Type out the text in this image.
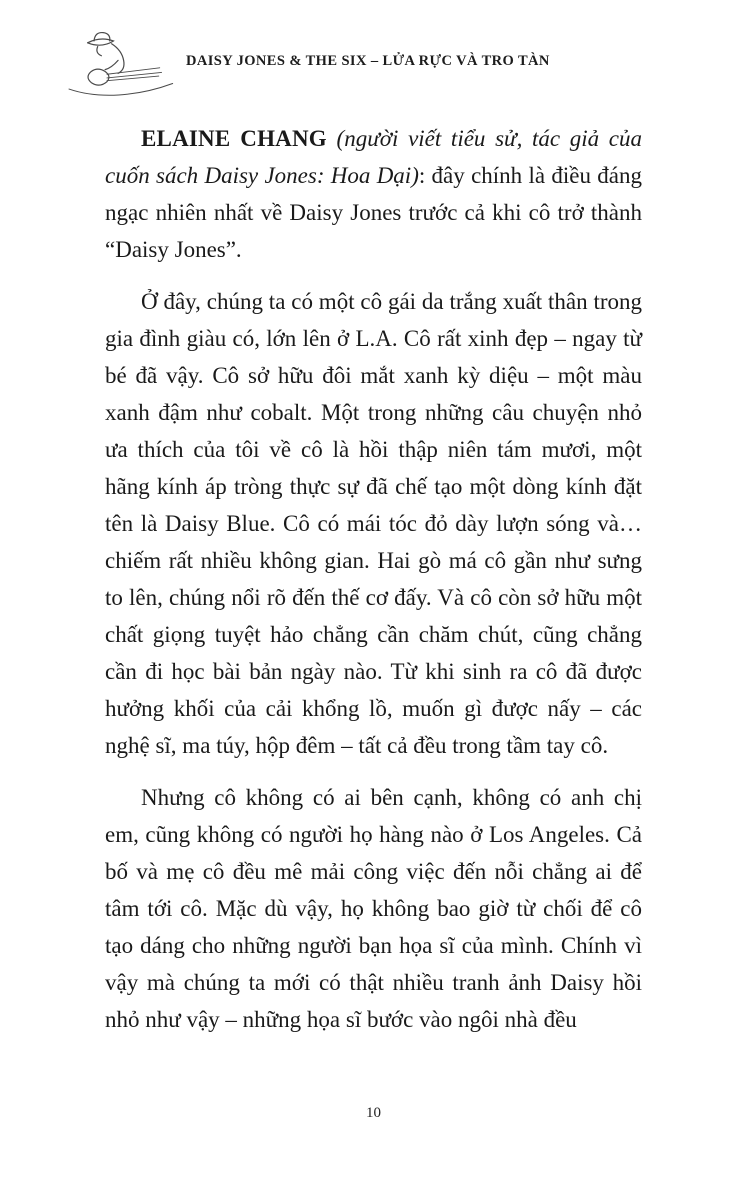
DAISY JONES & THE SIX – LỬA RỰC VÀ TRO TÀN

ELAINE CHANG (người viết tiểu sử, tác giả của cuốn sách Daisy Jones: Hoa Dại): đây chính là điều đáng ngạc nhiên nhất về Daisy Jones trước cả khi cô trở thành “Daisy Jones”.

Ở đây, chúng ta có một cô gái da trắng xuất thân trong gia đình giàu có, lớn lên ở L.A. Cô rất xinh đẹp – ngay từ bé đã vậy. Cô sở hữu đôi mắt xanh kỳ diệu – một màu xanh đậm như cobalt. Một trong những câu chuyện nhỏ ưa thích của tôi về cô là hồi thập niên tám mươi, một hãng kính áp tròng thực sự đã chế tạo một dòng kính đặt tên là Daisy Blue. Cô có mái tóc đỏ dày lượn sóng và… chiếm rất nhiều không gian. Hai gò má cô gần như sưng to lên, chúng nổi rõ đến thế cơ đấy. Và cô còn sở hữu một chất giọng tuyệt hảo chẳng cần chăm chút, cũng chẳng cần đi học bài bản ngày nào. Từ khi sinh ra cô đã được hưởng khối của cải khổng lồ, muốn gì được nấy – các nghệ sĩ, ma túy, hộp đêm – tất cả đều trong tầm tay cô.

Nhưng cô không có ai bên cạnh, không có anh chị em, cũng không có người họ hàng nào ở Los Angeles. Cả bố và mẹ cô đều mê mải công việc đến nỗi chẳng ai để tâm tới cô. Mặc dù vậy, họ không bao giờ từ chối để cô tạo dáng cho những người bạn họa sĩ của mình. Chính vì vậy mà chúng ta mới có thật nhiều tranh ảnh Daisy hồi nhỏ như vậy – những họa sĩ bước vào ngôi nhà đều

10
